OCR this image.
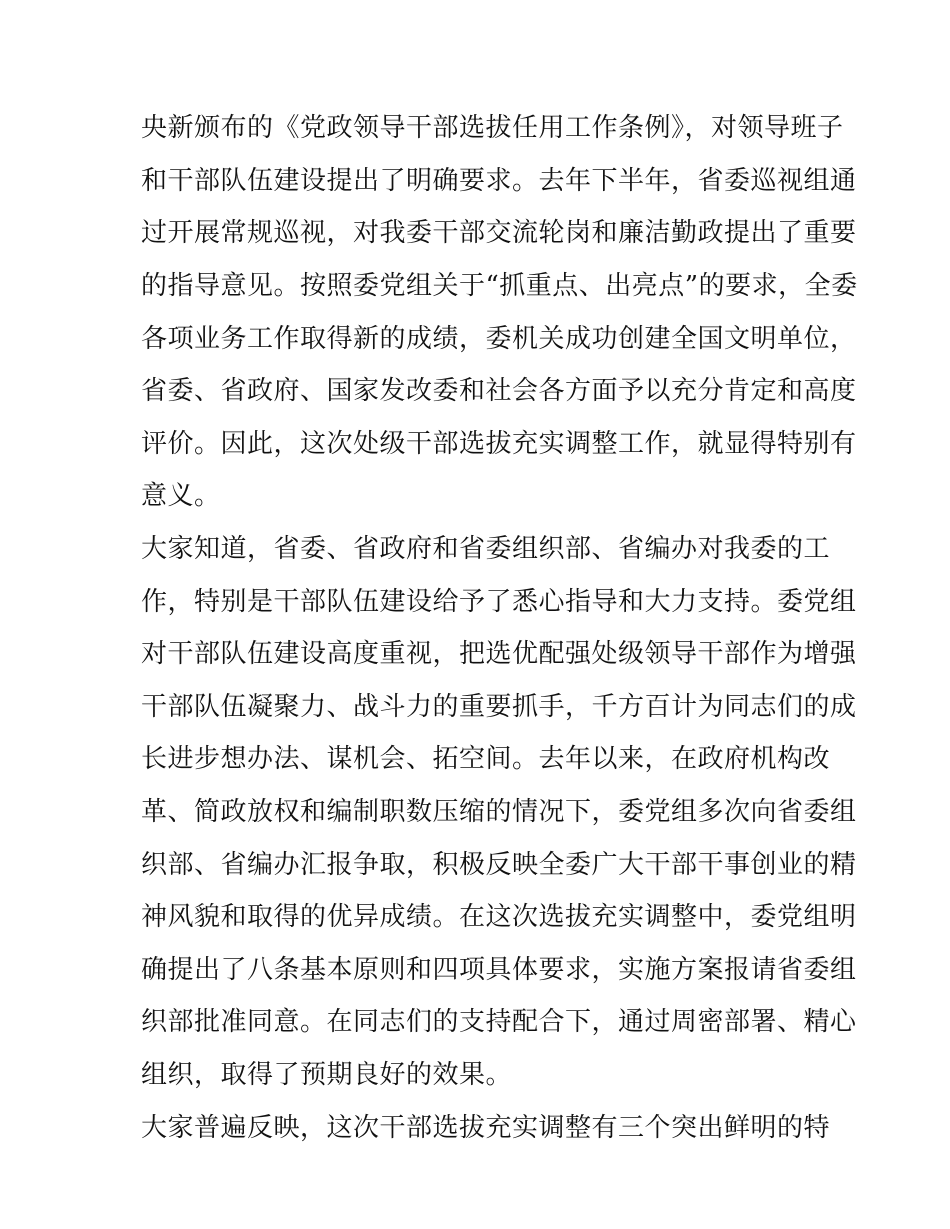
央新颁布的《党政领导干部选拔任用工作条例》，对领导班子
和干部队伍建设提出了明确要求。去年下半年，省委巡视组通
过开展常规巡视，对我委干部交流轮岗和廉洁勤政提出了重要
的指导意见。按照委党组关于“抓重点、出亮点”的要求，全委
各项业务工作取得新的成绩，委机关成功创建全国文明单位，
省委、省政府、国家发改委和社会各方面予以充分肯定和高度
评价。因此，这次处级干部选拔充实调整工作，就显得特别有
意义。
大家知道，省委、省政府和省委组织部、省编办对我委的工
作，特别是干部队伍建设给予了悉心指导和大力支持。委党组
对干部队伍建设高度重视，把选优配强处级领导干部作为增强
干部队伍凝聚力、战斗力的重要抓手，千方百计为同志们的成
长进步想办法、谋机会、拓空间。去年以来，在政府机构改
革、简政放权和编制职数压缩的情况下，委党组多次向省委组
织部、省编办汇报争取，积极反映全委广大干部干事创业的精
神风貌和取得的优异成绩。在这次选拔充实调整中，委党组明
确提出了八条基本原则和四项具体要求，实施方案报请省委组
织部批准同意。在同志们的支持配合下，通过周密部署、精心
组织，取得了预期良好的效果。
大家普遍反映，这次干部选拔充实调整有三个突出鲜明的特
